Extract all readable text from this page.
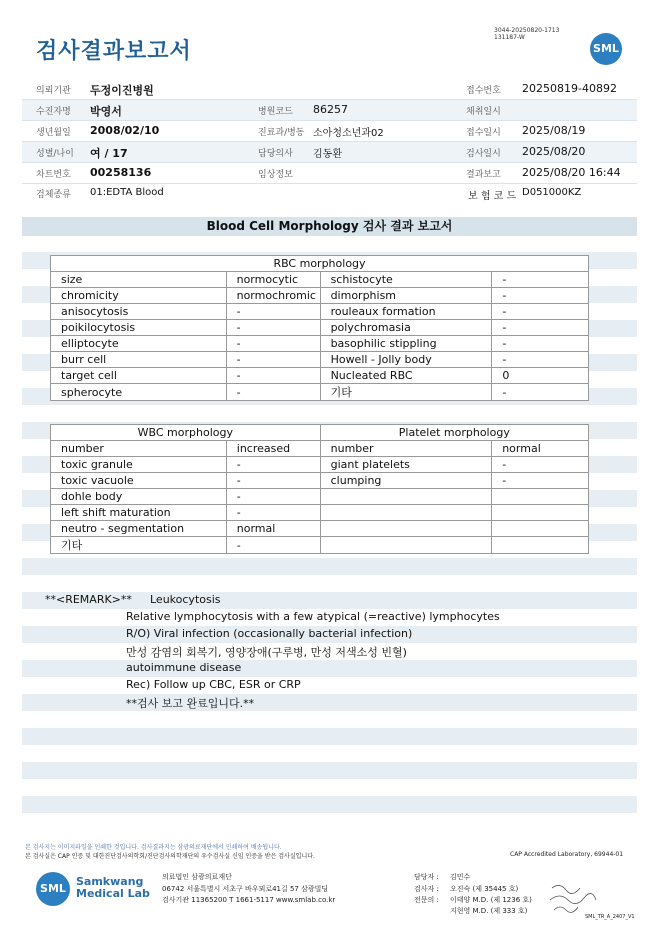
검사결과보고서
3044-20250820-1713
131187-W
SML
의뢰기관 두정이진병원	접수번호 20250819-40892
수진자명 박영서	병원코드 86257	채취일시
생년월일 2008/02/10	진료과/병동 소아청소년과02	접수일시 2025/08/19
성별/나이 여 / 17	담당의사 김동환	검사일시 2025/08/20
차트번호 00258136	임상정보	결과보고 2025/08/20 16:44
검체종류 01:EDTA Blood	보 험 코 드 D051000KZ
Blood Cell Morphology 검사 결과 보고서
RBC morphology			
size	normocytic	schistocyte	-
chromicity	normochromic	dimorphism	-
anisocytosis	-	rouleaux formation	-
poikilocytosis	-	polychromasia	-
elliptocyte	-	basophilic stippling	-
burr cell	-	Howell - Jolly body	-
target cell	-	Nucleated RBC	0
spherocyte	-	기타	-
WBC morphology		Platelet morphology	
number	increased	number	normal
toxic granule	-	giant platelets	-
toxic vacuole	-	clumping	-
dohle body	-		
left shift maturation	-		
neutro - segmentation	normal		
기타	-		
**<REMARK>** Leukocytosis
Relative lymphocytosis with a few atypical (=reactive) lymphocytes
R/O) Viral infection (occasionally bacterial infection)
만성 감염의 회복기, 영양장애(구루병, 만성 저색소성 빈혈)
autoimmune disease
Rec) Follow up CBC, ESR or CRP
**검사 보고 완료입니다.**
본 검사지는 이미지파일을 인쇄한 것입니다. 검사결과지는 삼광의료재단에서 인쇄하여 배송됩니다.
본 검사실은 CAP 인증 및 대한진단검사의학회/진단검사의학재단의 우수검사실 신임 인증을 받은 검사실입니다.	CAP Accredited Laboratory, 69944-01
SML
Samkwang
Medical Lab
의료법인 삼광의료재단
06742 서울특별시 서초구 바우뫼로41길 57 삼광빌딩
검사기관 11365200 T 1661-5117 www.smlab.co.kr
담당자 : 김민수
검사자 : 오진숙 (제 35445 호)
전문의 : 이태양 M.D. (제 1236 호)
지현영 M.D. (제 333 호)
SML_TR_A_2407_V1
